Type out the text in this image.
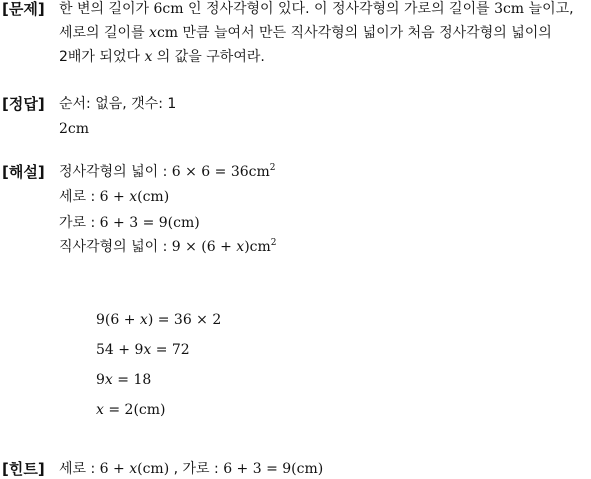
[문제] 한 변의 길이가 6cm 인 정사각형이 있다. 이 정사각형의 가로의 길이를 3cm 늘이고,
세로의 길이를 xcm 만큼 늘여서 만든 직사각형의 넓이가 처음 정사각형의 넓이의
2배가 되었다 x 의 값을 구하여라.
[정답] 순서: 없음, 갯수: 1
2cm
[해설] 정사각형의 넓이 : $6 \times 6 = 36cm^2$
세로 : 6 + x(cm)
가로 : 6 + 3 = 9(cm)
직사각형의 넓이 : $9 \times (6 + x)cm^2$
9(6 + x) = 36 × 2
54 + 9x = 72
9x = 18
x = 2(cm)
[힌트] 세로 : 6 + x(cm) , 가로 : 6 + 3 = 9(cm)
